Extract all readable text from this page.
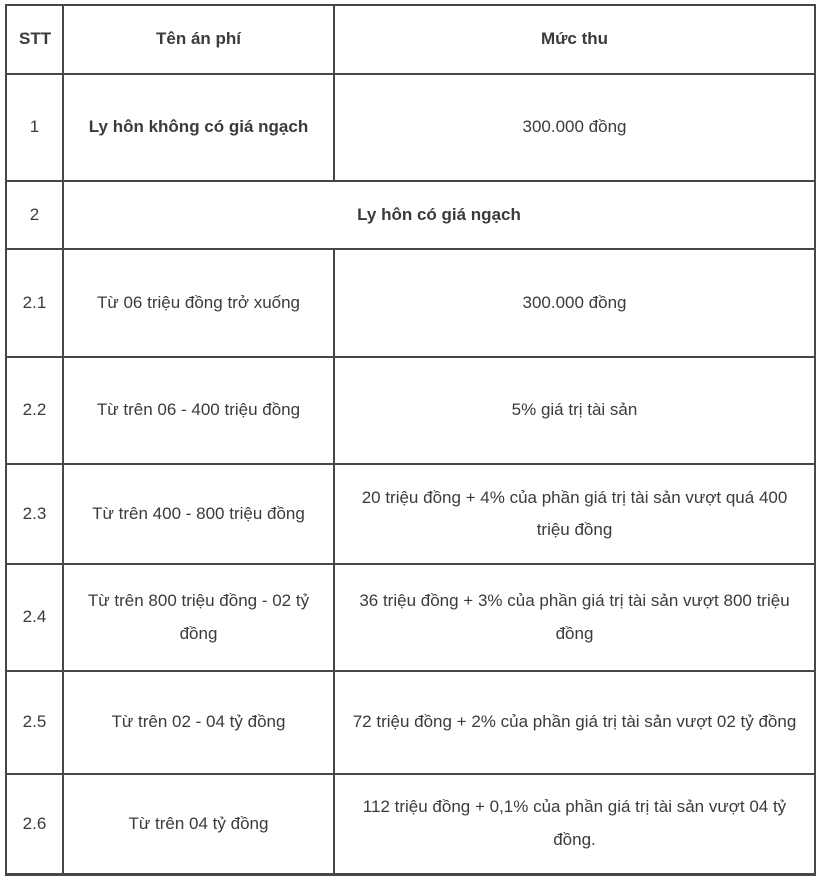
STT	Tên án phí	Mức thu
1	Ly hôn không có giá ngạch	300.000 đồng
2	Ly hôn có giá ngạch	
2.1	Từ 06 triệu đồng trở xuống	300.000 đồng
2.2	Từ trên 06 - 400 triệu đồng	5% giá trị tài sản
2.3	Từ trên 400 - 800 triệu đồng	20 triệu đồng + 4% của phần giá trị tài sản vượt quá 400 triệu đồng
2.4	Từ trên 800 triệu đồng - 02 tỷ đồng	36 triệu đồng + 3% của phần giá trị tài sản vượt 800 triệu đồng
2.5	Từ trên 02 - 04 tỷ đồng	72 triệu đồng + 2% của phần giá trị tài sản vượt 02 tỷ đồng
2.6	Từ trên 04 tỷ đồng	112 triệu đồng + 0,1% của phần giá trị tài sản vượt 04 tỷ đồng.
